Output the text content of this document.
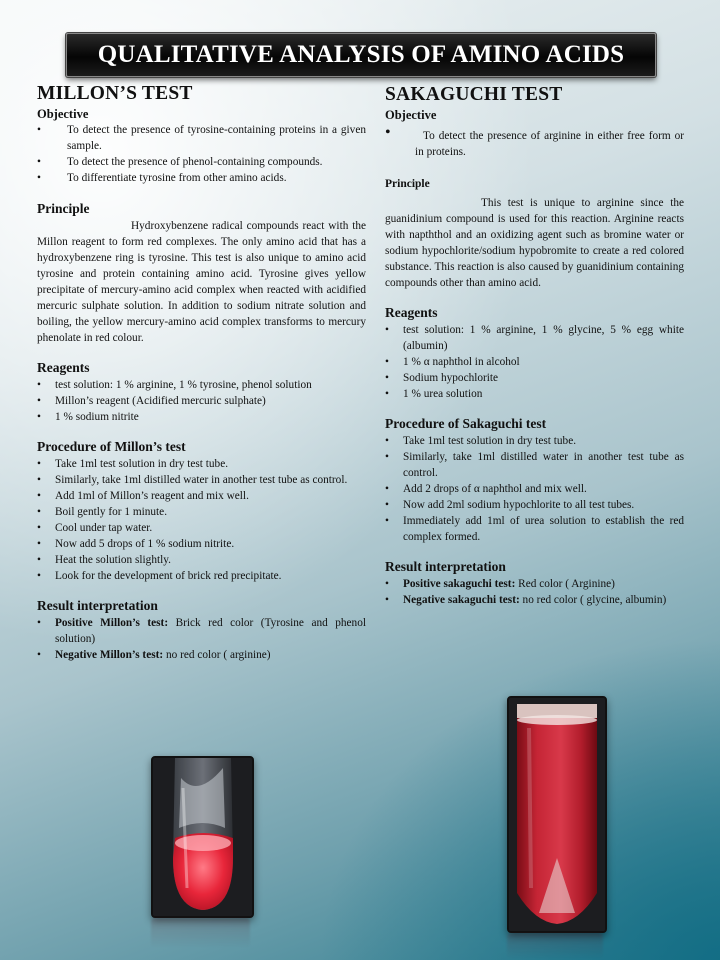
QUALITATIVE ANALYSIS OF AMINO ACIDS
MILLON’S TEST
Objective
• To detect the presence of tyrosine-containing proteins in a given sample.
• To detect the presence of phenol-containing compounds.
• To differentiate tyrosine from other amino acids.
Principle

Hydroxybenzene radical compounds react with the Millon reagent to form red complexes. The only amino acid that has a hydroxybenzene ring is tyrosine. This test is also unique to amino acid tyrosine and protein containing amino acid. Tyrosine gives yellow precipitate of mercury-amino acid complex when reacted with acidified mercuric sulphate solution. In addition to sodium nitrate solution and boiling, the yellow mercury-amino acid complex transforms to mercury phenolate in red colour.

Reagents
• test solution: 1 % arginine, 1 % tyrosine, phenol solution
• Millon’s reagent (Acidified mercuric sulphate)
• 1 % sodium nitrite
Procedure of Millon’s test
• Take 1ml test solution in dry test tube.
• Similarly, take 1ml distilled water in another test tube as control.
• Add 1ml of Millon’s reagent and mix well.
• Boil gently for 1 minute.
• Cool under tap water.
• Now add 5 drops of 1 % sodium nitrite.
• Heat the solution slightly.
• Look for the development of brick red precipitate.
Result interpretation
• Positive Millon’s test: Brick red color (Tyrosine and phenol solution)
• Negative Millon’s test: no red color ( arginine)
SAKAGUCHI TEST
Objective

• To detect the presence of arginine in either free form or in proteins.

Principle

This test is unique to arginine since the guanidinium compound is used for this reaction. Arginine reacts with napththol and an oxidizing agent such as bromine water or sodium hypochlorite/sodium hypobromite to create a red colored substance. This reaction is also caused by guanidinium containing compounds other than amino acid.

Reagents
• test solution: 1 % arginine, 1 % glycine, 5 % egg white (albumin)
• 1 % α naphthol in alcohol
• Sodium hypochlorite
• 1 % urea solution
Procedure of Sakaguchi test
• Take 1ml test solution in dry test tube.
• Similarly, take 1ml distilled water in another test tube as control.
• Add 2 drops of α naphthol and mix well.
• Now add 2ml sodium hypochlorite to all test tubes.
• Immediately add 1ml of urea solution to establish the red complex formed.
Result interpretation
• Positive sakaguchi test: Red color ( Arginine)
• Negative sakaguchi test: no red color ( glycine, albumin)
